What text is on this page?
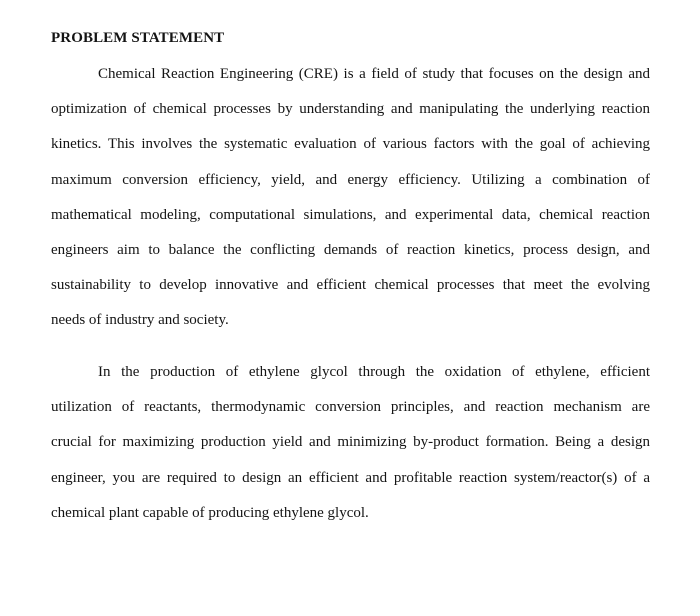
PROBLEM STATEMENT
Chemical Reaction Engineering (CRE) is a field of study that focuses on the design and
optimization of chemical processes by understanding and manipulating the underlying reaction
kinetics. This involves the systematic evaluation of various factors with the goal of achieving
maximum conversion efficiency, yield, and energy efficiency. Utilizing a combination of
mathematical modeling, computational simulations, and experimental data, chemical reaction
engineers aim to balance the conflicting demands of reaction kinetics, process design, and
sustainability to develop innovative and efficient chemical processes that meet the evolving
needs of industry and society.
In the production of ethylene glycol through the oxidation of ethylene, efficient
utilization of reactants, thermodynamic conversion principles, and reaction mechanism are
crucial for maximizing production yield and minimizing by-product formation. Being a design
engineer, you are required to design an efficient and profitable reaction system/reactor(s) of a
chemical plant capable of producing ethylene glycol.
